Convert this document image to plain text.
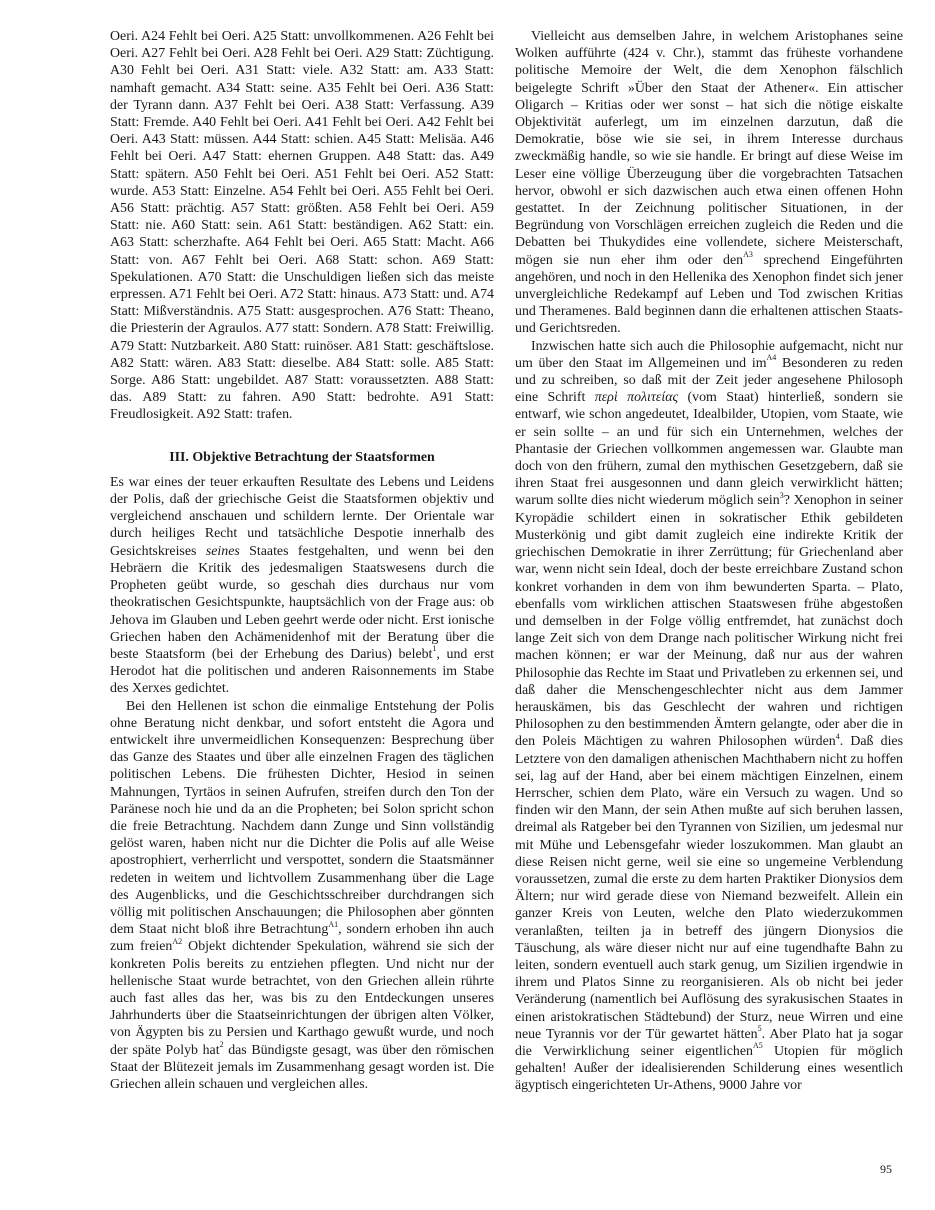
Oeri. A24 Fehlt bei Oeri. A25 Statt: unvollkommenen. A26 Fehlt bei Oeri. A27 Fehlt bei Oeri. A28 Fehlt bei Oeri. A29 Statt: Züchtigung. A30 Fehlt bei Oeri. A31 Statt: viele. A32 Statt: am. A33 Statt: namhaft gemacht. A34 Statt: seine. A35 Fehlt bei Oeri. A36 Statt: der Tyrann dann. A37 Fehlt bei Oeri. A38 Statt: Verfassung. A39 Statt: Fremde. A40 Fehlt bei Oeri. A41 Fehlt bei Oeri. A42 Fehlt bei Oeri. A43 Statt: müssen. A44 Statt: schien. A45 Statt: Melisäa. A46 Fehlt bei Oeri. A47 Statt: ehernen Gruppen. A48 Statt: das. A49 Statt: spätern. A50 Fehlt bei Oeri. A51 Fehlt bei Oeri. A52 Statt: wurde. A53 Statt: Einzelne. A54 Fehlt bei Oeri. A55 Fehlt bei Oeri. A56 Statt: prächtig. A57 Statt: größten. A58 Fehlt bei Oeri. A59 Statt: nie. A60 Statt: sein. A61 Statt: beständigen. A62 Statt: ein. A63 Statt: scherzhafte. A64 Fehlt bei Oeri. A65 Statt: Macht. A66 Statt: von. A67 Fehlt bei Oeri. A68 Statt: schon. A69 Statt: Spekulationen. A70 Statt: die Unschuldigen ließen sich das meiste erpressen. A71 Fehlt bei Oeri. A72 Statt: hinaus. A73 Statt: und. A74 Statt: Mißverständnis. A75 Statt: ausgesprochen. A76 Statt: Theano, die Priesterin der Agraulos. A77 statt: Sondern. A78 Statt: Freiwillig. A79 Statt: Nutzbarkeit. A80 Statt: ruinöser. A81 Statt: geschäftslose. A82 Statt: wären. A83 Statt: dieselbe. A84 Statt: solle. A85 Statt: Sorge. A86 Statt: ungebildet. A87 Statt: voraussetzten. A88 Statt: das. A89 Statt: zu fahren. A90 Statt: bedrohte. A91 Statt: Freudlosigkeit. A92 Statt: trafen.

III. Objektive Betrachtung der Staatsformen

Es war eines der teuer erkauften Resultate des Lebens und Leidens der Polis, daß der griechische Geist die Staatsformen objektiv und vergleichend anschauen und schildern lernte. Der Orientale war durch heiliges Recht und tatsächliche Despotie innerhalb des Gesichtskreises seines Staates festgehalten, und wenn bei den Hebräern die Kritik des jedesmaligen Staatswesens durch die Propheten geübt wurde, so geschah dies durchaus nur vom theokratischen Gesichtspunkte, hauptsächlich von der Frage aus: ob Jehova im Glauben und Leben geehrt werde oder nicht. Erst ionische Griechen haben den Achämenidenhof mit der Beratung über die beste Staatsform (bei der Erhebung des Darius) belebt$^1$, und erst Herodot hat die politischen und anderen Raisonnements im Stabe des Xerxes gedichtet.

Bei den Hellenen ist schon die einmalige Entstehung der Polis ohne Beratung nicht denkbar, und sofort entsteht die Agora und entwickelt ihre unvermeidlichen Konsequenzen: Besprechung über das Ganze des Staates und über alle einzelnen Fragen des täglichen politischen Lebens. Die frühesten Dichter, Hesiod in seinen Mahnungen, Tyrtäos in seinen Aufrufen, streifen durch den Ton der Paränese noch hie und da an die Propheten; bei Solon spricht schon die freie Betrachtung. Nachdem dann Zunge und Sinn vollständig gelöst waren, haben nicht nur die Dichter die Polis auf alle Weise apostrophiert, verherrlicht und verspottet, sondern die Staatsmänner redeten in weitem und lichtvollem Zusammenhang über die Lage des Augenblicks, und die Geschichtsschreiber durchdrangen sich völlig mit politischen Anschauungen; die Philosophen aber gönnten dem Staat nicht bloß ihre Betrachtung$^{A1}$, sondern erhoben ihn auch zum freien$^{A2}$ Objekt dichtender Spekulation, während sie sich der konkreten Polis bereits zu entziehen pflegten. Und nicht nur der hellenische Staat wurde betrachtet, von den Griechen allein rührte auch fast alles das her, was bis zu den Entdeckungen unseres Jahrhunderts über die Staatseinrichtungen der übrigen alten Völker, von Ägypten bis zu Persien und Karthago gewußt wurde, und noch der späte Polyb hat$^2$ das Bündigste gesagt, was über den römischen Staat der Blütezeit jemals im Zusammenhang gesagt worden ist. Die Griechen allein schauen und vergleichen alles.

Vielleicht aus demselben Jahre, in welchem Aristophanes seine Wolken aufführte (424 v. Chr.), stammt das früheste vorhandene politische Memoire der Welt, die dem Xenophon fälschlich beigelegte Schrift »Über den Staat der Athener«. Ein attischer Oligarch – Kritias oder wer sonst – hat sich die nötige eiskalte Objektivität auferlegt, um im einzelnen darzutun, daß die Demokratie, böse wie sie sei, in ihrem Interesse durchaus zweckmäßig handle, so wie sie handle. Er bringt auf diese Weise im Leser eine völlige Überzeugung über die vorgebrachten Tatsachen hervor, obwohl er sich dazwischen auch etwa einen offenen Hohn gestattet. In der Zeichnung politischer Situationen, in der Begründung von Vorschlägen erreichen zugleich die Reden und die Debatten bei Thukydides eine vollendete, sichere Meisterschaft, mögen sie nun eher ihm oder den$^{A3}$ sprechend Eingeführten angehören, und noch in den Hellenika des Xenophon findet sich jener unvergleichliche Redekampf auf Leben und Tod zwischen Kritias und Theramenes. Bald beginnen dann die erhaltenen attischen Staats- und Gerichtsreden.

Inzwischen hatte sich auch die Philosophie aufgemacht, nicht nur um über den Staat im Allgemeinen und $im^{A4}$ Besonderen zu reden und zu schreiben, so daß mit der Zeit jeder angesehene Philosoph eine Schrift περὶ πολιτείας (vom Staat) hinterließ, sondern sie entwarf, wie schon angedeutet, Idealbilder, Utopien, vom Staate, wie er sein sollte – an und für sich ein Unternehmen, welches der Phantasie der Griechen vollkommen angemessen war. Glaubte man doch von den frühern, zumal den mythischen Gesetzgebern, daß sie ihren Staat frei ausgesonnen und dann gleich verwirklicht hätten; warum sollte dies nicht wiederum möglich sein$^3$? Xenophon in seiner Kyropädie schildert einen in sokratischer Ethik gebildeten Musterkönig und gibt damit zugleich eine indirekte Kritik der griechischen Demokratie in ihrer Zerrüttung; für Griechenland aber war, wenn nicht sein Ideal, doch der beste erreichbare Zustand schon konkret vorhanden in dem von ihm bewunderten Sparta. – Plato, ebenfalls vom wirklichen attischen Staatswesen frühe abgestoßen und demselben in der Folge völlig entfremdet, hat zunächst doch lange Zeit sich von dem Drange nach politischer Wirkung nicht frei machen können; er war der Meinung, daß nur aus der wahren Philosophie das Rechte im Staat und Privatleben zu erkennen sei, und daß daher die Menschengeschlechter nicht aus dem Jammer herauskämen, bis das Geschlecht der wahren und richtigen Philosophen zu den bestimmenden Ämtern gelangte, oder aber die in den Poleis Mächtigen zu wahren Philosophen würden$^4$. Daß dies Letztere von den damaligen athenischen Machthabern nicht zu hoffen sei, lag auf der Hand, aber bei einem mächtigen Einzelnen, einem Herrscher, schien dem Plato, wäre ein Versuch zu wagen. Und so finden wir den Mann, der sein Athen mußte auf sich beruhen lassen, dreimal als Ratgeber bei den Tyrannen von Sizilien, um jedesmal nur mit Mühe und Lebensgefahr wieder loszukommen. Man glaubt an diese Reisen nicht gerne, weil sie eine so ungemeine Verblendung voraussetzen, zumal die erste zu dem harten Praktiker Dionysios dem Ältern; nur wird gerade diese von Niemand bezweifelt. Allein ein ganzer Kreis von Leuten, welche den Plato wiederzukommen veranlaßten, teilten ja in betreff des jüngern Dionysios die Täuschung, als wäre dieser nicht nur auf eine tugendhafte Bahn zu leiten, sondern eventuell auch stark genug, um Sizilien irgendwie in ihrem und Platos Sinne zu reorganisieren. Als ob nicht bei jeder Veränderung (namentlich bei Auflösung des syrakusischen Staates in einen aristokratischen Städtebund) der Sturz, neue Wirren und eine neue Tyrannis vor der Tür gewartet hätten$^5$. Aber Plato hat ja sogar die Verwirklichung seiner eigentlichen$^{A5}$ Utopien für möglich gehalten! Außer der idealisierenden Schilderung eines wesentlich ägyptisch eingerichteten Ur-Athens, 9000 Jahre vor

95
